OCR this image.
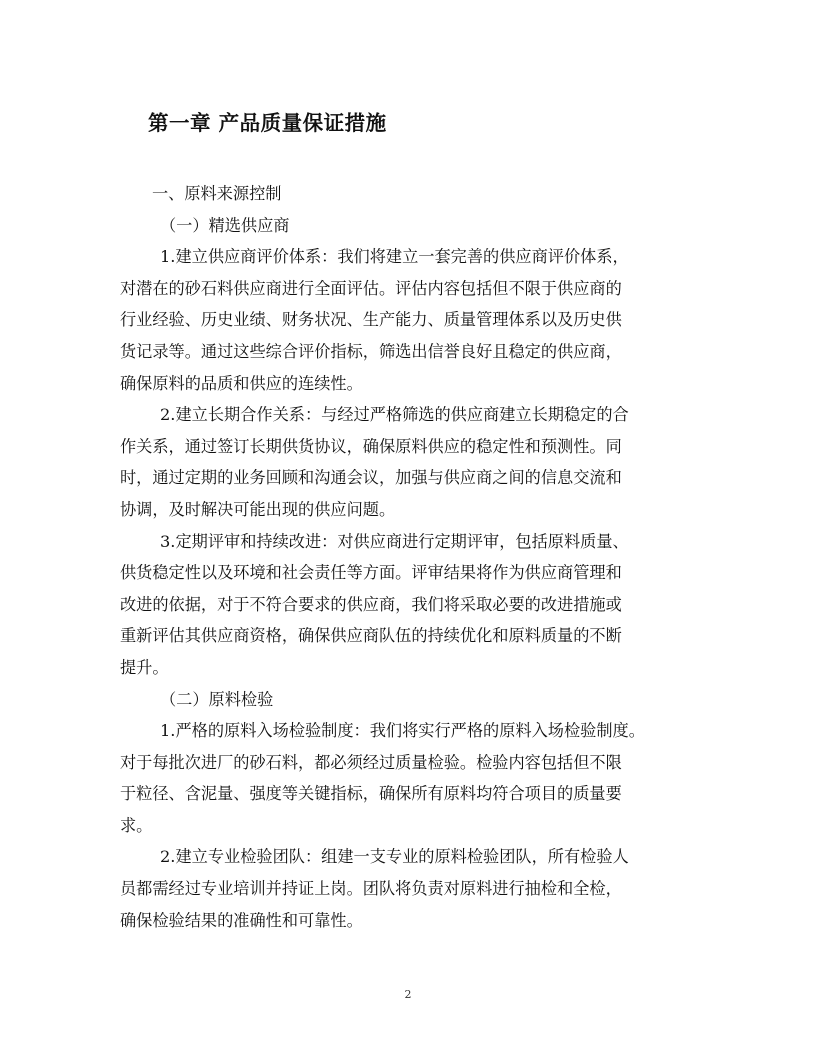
第一章 产品质量保证措施
一、原料来源控制
（一）精选供应商
1.建立供应商评价体系：我们将建立一套完善的供应商评价体系，
对潜在的砂石料供应商进行全面评估。评估内容包括但不限于供应商的
行业经验、历史业绩、财务状况、生产能力、质量管理体系以及历史供
货记录等。通过这些综合评价指标，筛选出信誉良好且稳定的供应商，
确保原料的品质和供应的连续性。
2.建立长期合作关系：与经过严格筛选的供应商建立长期稳定的合
作关系，通过签订长期供货协议，确保原料供应的稳定性和预测性。同
时，通过定期的业务回顾和沟通会议，加强与供应商之间的信息交流和
协调，及时解决可能出现的供应问题。
3.定期评审和持续改进：对供应商进行定期评审，包括原料质量、
供货稳定性以及环境和社会责任等方面。评审结果将作为供应商管理和
改进的依据，对于不符合要求的供应商，我们将采取必要的改进措施或
重新评估其供应商资格，确保供应商队伍的持续优化和原料质量的不断
提升。
（二）原料检验
1.严格的原料入场检验制度：我们将实行严格的原料入场检验制度。
对于每批次进厂的砂石料，都必须经过质量检验。检验内容包括但不限
于粒径、含泥量、强度等关键指标，确保所有原料均符合项目的质量要
求。
2.建立专业检验团队：组建一支专业的原料检验团队，所有检验人
员都需经过专业培训并持证上岗。团队将负责对原料进行抽检和全检，
确保检验结果的准确性和可靠性。
2
